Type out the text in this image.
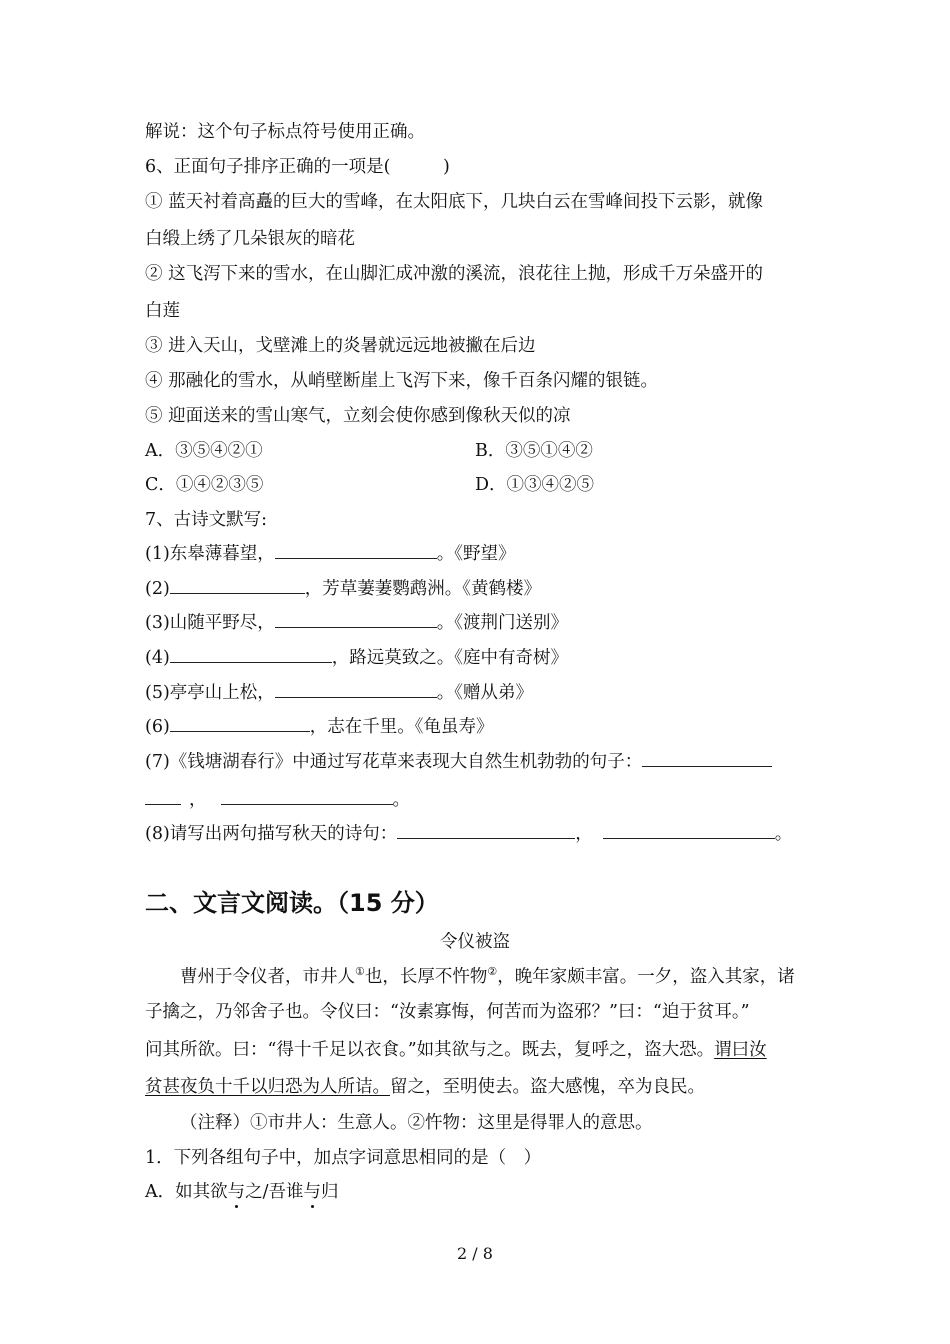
解说：这个句子标点符号使用正确。
6、正面句子排序正确的一项是(　　　)
① 蓝天衬着高矗的巨大的雪峰，在太阳底下，几块白云在雪峰间投下云影，就像
白缎上绣了几朵银灰的暗花
② 这飞泻下来的雪水，在山脚汇成冲激的溪流，浪花往上抛，形成千万朵盛开的
白莲
③ 进入天山，戈壁滩上的炎暑就远远地被撇在后边
④ 那融化的雪水，从峭壁断崖上飞泻下来，像千百条闪耀的银链。
⑤ 迎面送来的雪山寒气，立刻会使你感到像秋天似的凉
A．③⑤④②①	B．③⑤①④②
C．①④②③⑤	D．①③④②⑤
7、古诗文默写:
(1)东皋薄暮望，	。《野望》
(2)	，芳草萋萋鹦鹉洲。《黄鹤楼》
(3)山随平野尽，	。《渡荆门送别》
(4)	，路远莫致之。《庭中有奇树》
(5)亭亭山上松，	。《赠从弟》
(6)	，志在千里。《龟虽寿》
(7)《钱塘湖春行》中通过写花草来表现大自然生机勃勃的句子：
，	。
(8)请写出两句描写秋天的诗句：	，	。
二、文言文阅读。（15 分）
令仪被盗
曹州于令仪者，市井人①也，长厚不忤物②，晚年家颇丰富。一夕，盗入其家，诸
子擒之，乃邻舍子也。令仪曰：“汝素寡悔，何苦而为盗邪？”曰：“迫于贫耳。”
问其所欲。曰：“得十千足以衣食。”如其欲与之。既去，复呼之，盗大恐。谓曰汝
贫甚夜负十千以归恐为人所诘。留之，至明使去。盗大感愧，卒为良民。
（注释）①市井人：生意人。②忤物：这里是得罪人的意思。
1．下列各组句子中，加点字词意思相同的是（　）
A．如其欲与之/吾谁与归
2 / 8
